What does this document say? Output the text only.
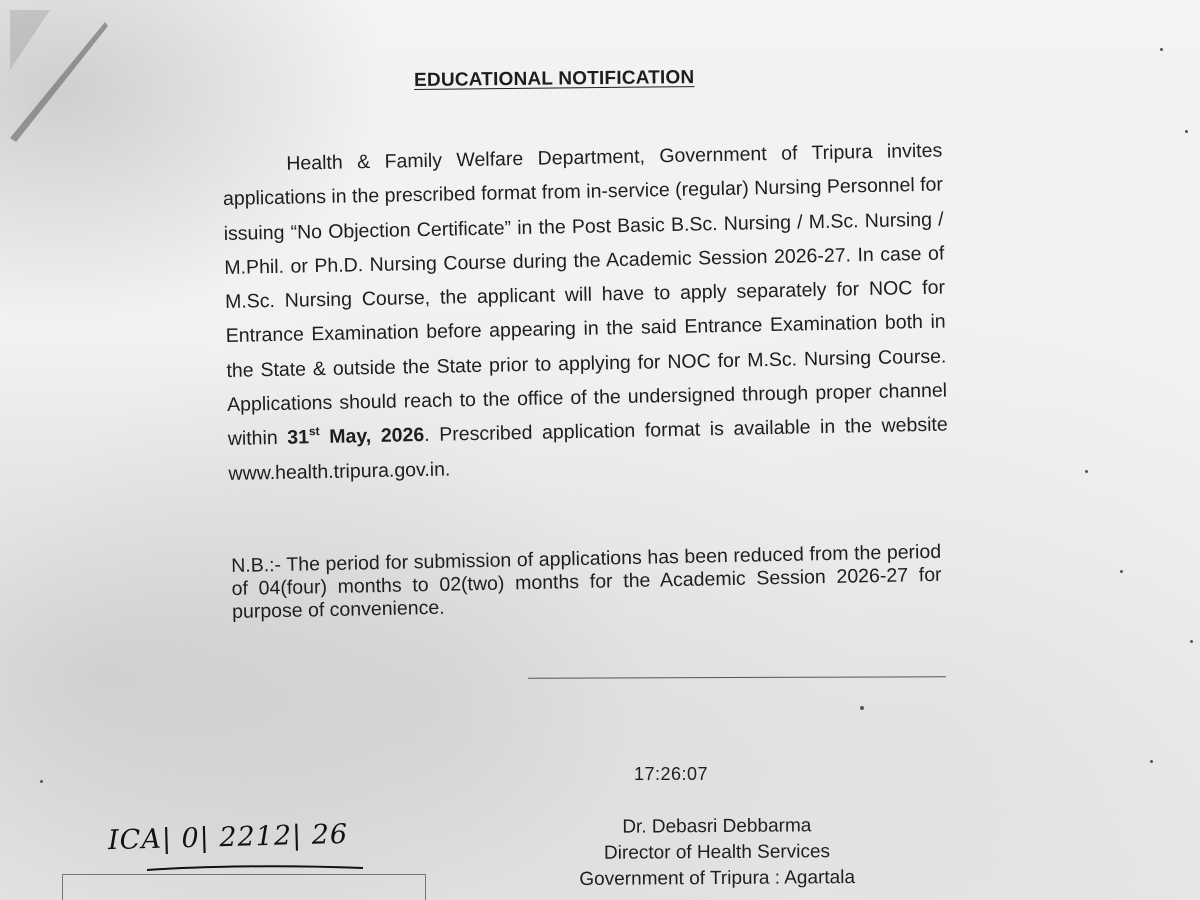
EDUCATIONAL NOTIFICATION
Health & Family Welfare Department, Government of Tripura invites applications in the prescribed format from in-service (regular) Nursing Personnel for issuing “No Objection Certificate” in the Post Basic B.Sc. Nursing / M.Sc. Nursing / M.Phil. or Ph.D. Nursing Course during the Academic Session 2026-27. In case of M.Sc. Nursing Course, the applicant will have to apply separately for NOC for Entrance Examination before appearing in the said Entrance Examination both in the State & outside the State prior to applying for NOC for M.Sc. Nursing Course. Applications should reach to the office of the undersigned through proper channel within 31st May, 2026. Prescribed application format is available in the website www.health.tripura.gov.in.
N.B.:- The period for submission of applications has been reduced from the period of 04(four) months to 02(two) months for the Academic Session 2026-27 for purpose of convenience.
17:26:07
Dr. Debasri Debbarma
Director of Health Services
Government of Tripura : Agartala
ICA| 0| 2212| 26
